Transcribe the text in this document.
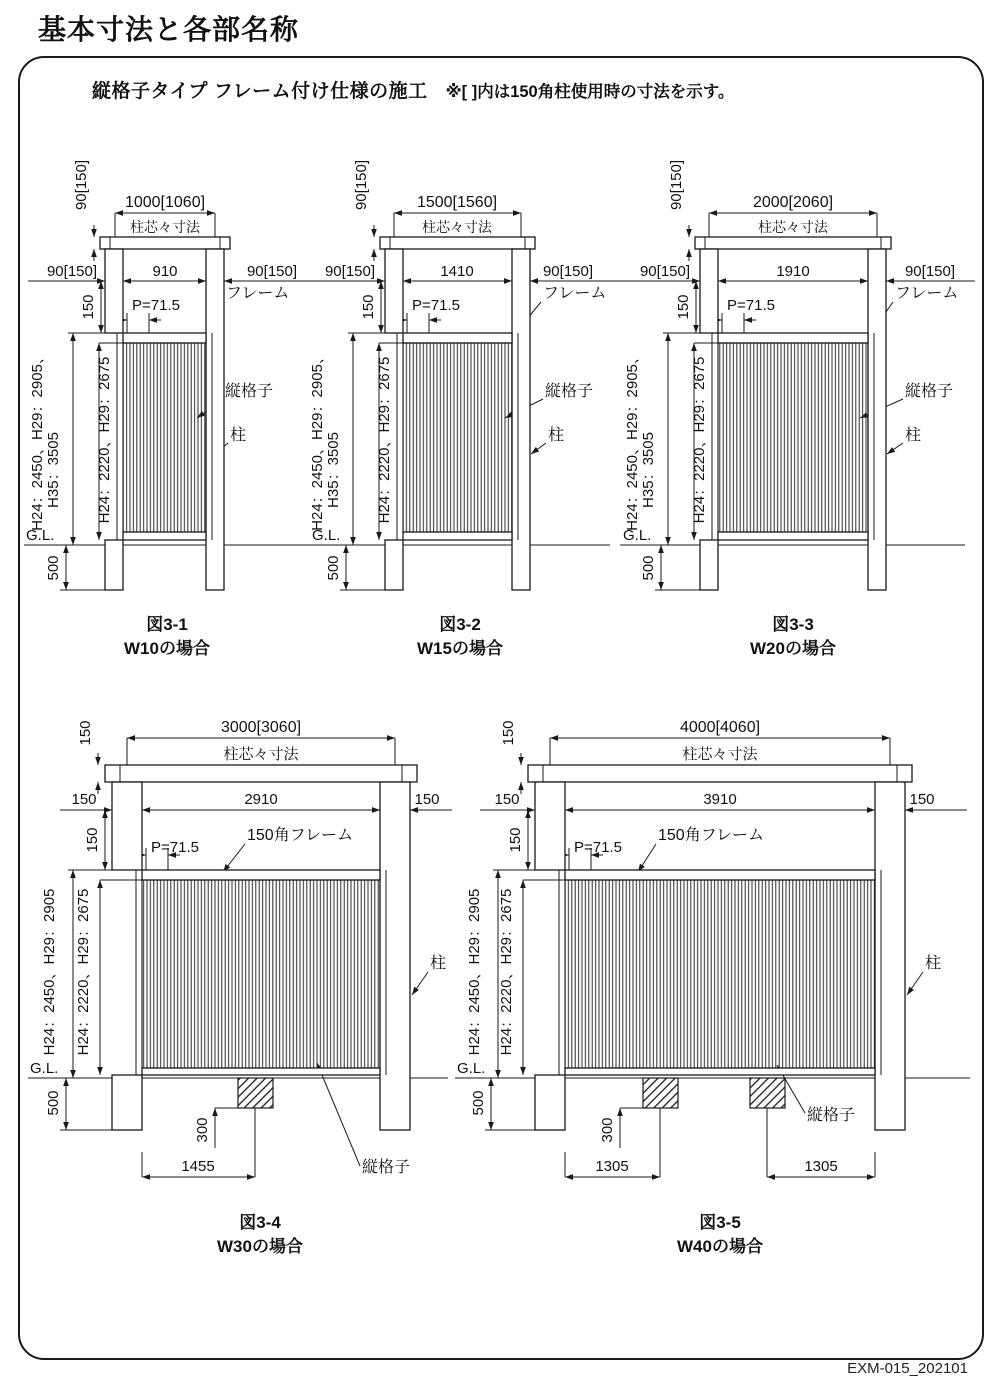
基本寸法と各部名称
縦格子タイプ フレーム付け仕様の施工 ※[ ]内は150角柱使用時の寸法を示す。
1000[1060]
柱芯々寸法
90[150]
90[150]	910	90[150]
150 P=71.5
フレーム
縦格子
柱
H24：2450、H29：2905、 H35：3505 H24：2220、H29：2675
G.L.
500
図3-1
W10の場合
1500[1560]
柱芯々寸法
90[150]
90[150]	1410	90[150]
150 P=71.5
フレーム
縦格子
柱
H24：2450、H29：2905、 H35：3505 H24：2220、H29：2675
G.L.
500
図3-2
W15の場合
2000[2060]
柱芯々寸法
90[150]
90[150]	1910	90[150]
150 P=71.5
フレーム
縦格子
柱
H24：2450、H29：2905、 H35：3505 H24：2220、H29：2675
G.L.
500
図3-3
W20の場合
3000[3060]
柱芯々寸法
150
150	2910	150
150	P=71.5
150角フレーム
H24：2450、H29：2905 H24：2220、H29：2675
G.L.
500
300
1455	縦格子
柱
図3-4
W30の場合
4000[4060]
柱芯々寸法
150
150	3910	150
150	P=71.5
150角フレーム
H24：2450、H29：2905 H24：2220、H29：2675
G.L.
500
300
1305	1305
縦格子
柱
図3-5
W40の場合
EXM-015_202101
